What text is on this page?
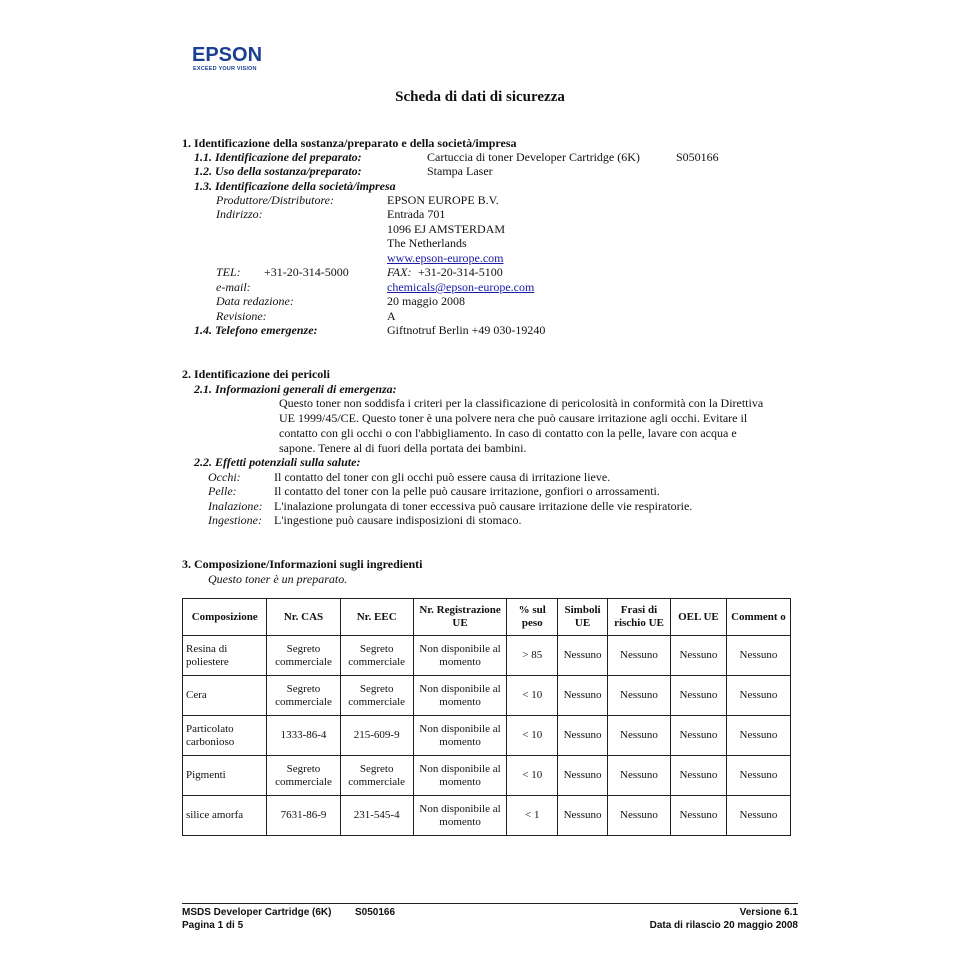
EPSON
EXCEED YOUR VISION
Scheda di dati di sicurezza
1. Identificazione della sostanza/preparato e della società/impresa
1.1. Identificazione del preparato:	Cartuccia di toner Developer Cartridge (6K)	S050166
1.2. Uso della sostanza/preparato:	Stampa Laser
1.3. Identificazione della società/impresa
Produttore/Distributore:	EPSON EUROPE B.V.
Indirizzo:	Entrada 701
1096 EJ AMSTERDAM
The Netherlands
www.epson-europe.com
TEL: +31-20-314-5000	FAX: +31-20-314-5100
e-mail:	chemicals@epson-europe.com
Data redazione:	20 maggio 2008
Revisione:	A
1.4. Telefono emergenze:	Giftnotruf Berlin +49 030-19240
2. Identificazione dei pericoli
2.1. Informazioni generali di emergenza:
Questo toner non soddisfa i criteri per la classificazione di pericolosità in conformità con la Direttiva
UE 1999/45/CE. Questo toner è una polvere nera che può causare irritazione agli occhi. Evitare il
contatto con gli occhi o con l'abbigliamento. In caso di contatto con la pelle, lavare con acqua e
sapone. Tenere al di fuori della portata dei bambini.
2.2. Effetti potenziali sulla salute:
Occhi:	Il contatto del toner con gli occhi può essere causa di irritazione lieve.
Pelle:	Il contatto del toner con la pelle può causare irritazione, gonfiori o arrossamenti.
Inalazione: L'inalazione prolungata di toner eccessiva può causare irritazione delle vie respiratorie.
Ingestione: L'ingestione può causare indisposizioni di stomaco.
3. Composizione/Informazioni sugli ingredienti
Questo toner è un preparato.
Composizione	Nr. CAS	Nr. EEC	Nr. Registrazione UE	% sul peso	Simboli UE	Frasi di rischio UE	OEL UE	Comment o
Resina di poliestere	Segreto commerciale	Segreto commerciale	Non disponibile al momento	> 85	Nessuno	Nessuno	Nessuno	Nessuno
Cera	Segreto commerciale	Segreto commerciale	Non disponibile al momento	< 10	Nessuno	Nessuno	Nessuno	Nessuno
Particolato carbonioso	1333-86-4	215-609-9	Non disponibile al momento	< 10	Nessuno	Nessuno	Nessuno	Nessuno
Pigmenti	Segreto commerciale	Segreto commerciale	Non disponibile al momento	< 10	Nessuno	Nessuno	Nessuno	Nessuno
silice amorfa	7631-86-9	231-545-4	Non disponibile al momento	< 1	Nessuno	Nessuno	Nessuno	Nessuno
MSDS Developer Cartridge (6K) S050166
Pagina 1 di 5
Versione 6.1
Data di rilascio 20 maggio 2008
